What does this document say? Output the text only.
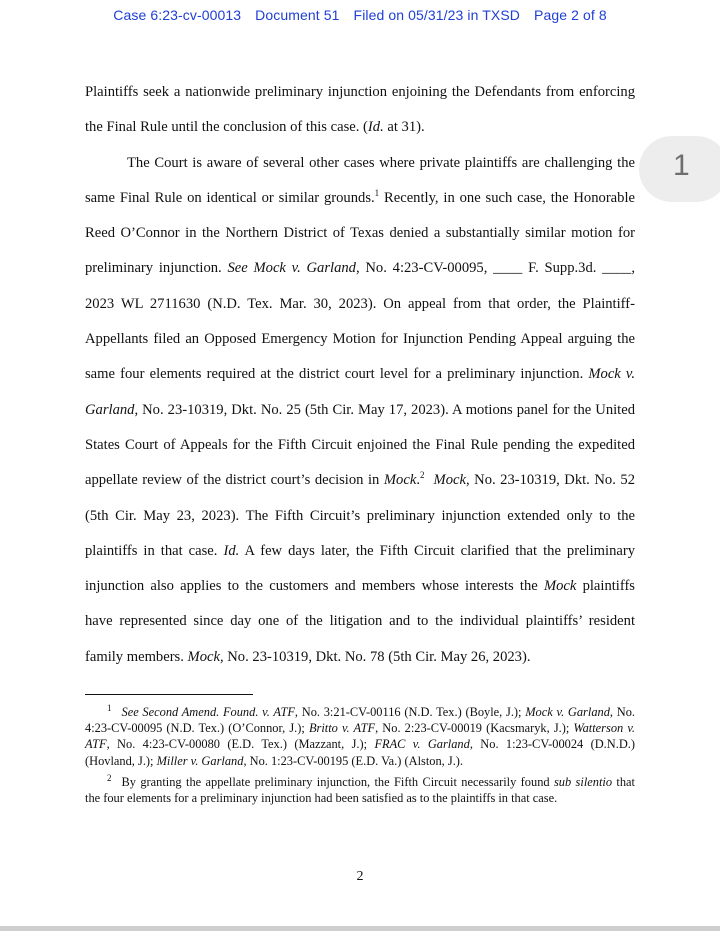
Case 6:23-cv-00013 Document 51 Filed on 05/31/23 in TXSD Page 2 of 8
1

Plaintiffs seek a nationwide preliminary injunction enjoining the Defendants from enforcing the Final Rule until the conclusion of this case. (Id. at 31).

The Court is aware of several other cases where private plaintiffs are challenging the same Final Rule on identical or similar grounds.$^1$ Recently, in one such case, the Honorable Reed O’Connor in the Northern District of Texas denied a substantially similar motion for preliminary injunction. See Mock v. Garland, No. 4:23-CV-00095, ____ F. Supp.3d. ____, 2023 WL 2711630 (N.D. Tex. Mar. 30, 2023). On appeal from that order, the Plaintiff-Appellants filed an Opposed Emergency Motion for Injunction Pending Appeal arguing the same four elements required at the district court level for a preliminary injunction. Mock v. Garland, No. 23-10319, Dkt. No. 25 (5th Cir. May 17, 2023). A motions panel for the United States Court of Appeals for the Fifth Circuit enjoined the Final Rule pending the expedited appellate review of the district court’s decision in Mock.$^2$ Mock, No. 23-10319, Dkt. No. 52 (5th Cir. May 23, 2023). The Fifth Circuit’s preliminary injunction extended only to the plaintiffs in that case. Id. A few days later, the Fifth Circuit clarified that the preliminary injunction also applies to the customers and members whose interests the Mock plaintiffs have represented since day one of the litigation and to the individual plaintiffs’ resident family members. Mock, No. 23-10319, Dkt. No. 78 (5th Cir. May 26, 2023).

$^1$ See Second Amend. Found. v. ATF, No. 3:21-CV-00116 (N.D. Tex.) (Boyle, J.); Mock v. Garland, No. 4:23-CV-00095 (N.D. Tex.) (O’Connor, J.); Britto v. ATF, No. 2:23-CV-00019 (Kacsmaryk, J.); Watterson v. ATF, No. 4:23-CV-00080 (E.D. Tex.) (Mazzant, J.); FRAC v. Garland, No. 1:23-CV-00024 (D.N.D.) (Hovland, J.); Miller v. Garland, No. 1:23-CV-00195 (E.D. Va.) (Alston, J.).

$^2$ By granting the appellate preliminary injunction, the Fifth Circuit necessarily found sub silentio that the four elements for a preliminary injunction had been satisfied as to the plaintiffs in that case.

2
